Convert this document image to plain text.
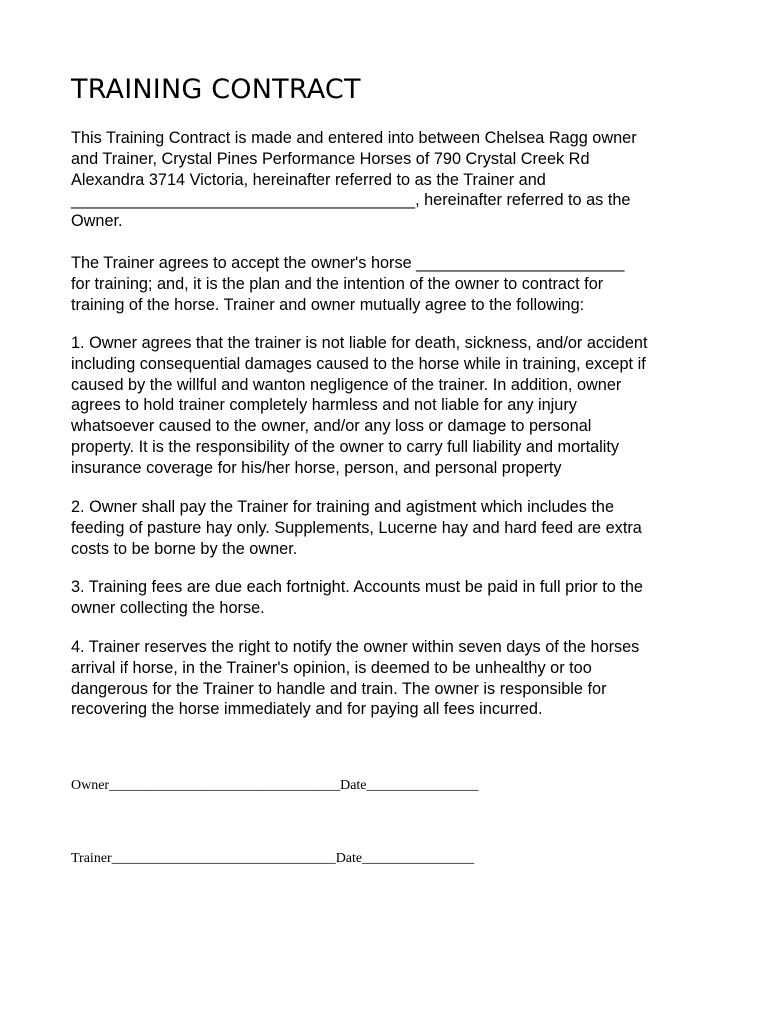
TRAINING CONTRACT

This Training Contract is made and entered into between Chelsea Ragg owner
and Trainer, Crystal Pines Performance Horses of 790 Crystal Creek Rd
Alexandra 3714 Victoria, hereinafter referred to as the Trainer and
______________________________________, hereinafter referred to as the
Owner.

The Trainer agrees to accept the owner's horse _______________________
for training; and, it is the plan and the intention of the owner to contract for
training of the horse. Trainer and owner mutually agree to the following:

1. Owner agrees that the trainer is not liable for death, sickness, and/or accident
including consequential damages caused to the horse while in training, except if
caused by the willful and wanton negligence of the trainer. In addition, owner
agrees to hold trainer completely harmless and not liable for any injury
whatsoever caused to the owner, and/or any loss or damage to personal
property. It is the responsibility of the owner to carry full liability and mortality
insurance coverage for his/her horse, person, and personal property

2. Owner shall pay the Trainer for training and agistment which includes the
feeding of pasture hay only. Supplements, Lucerne hay and hard feed are extra
costs to be borne by the owner.

3. Training fees are due each fortnight. Accounts must be paid in full prior to the
owner collecting the horse.

4. Trainer reserves the right to notify the owner within seven days of the horses
arrival if horse, in the Trainer's opinion, is deemed to be unhealthy or too
dangerous for the Trainer to handle and train. The owner is responsible for
recovering the horse immediately and for paying all fees incurred.

Owner_________________________________Date________________

Trainer________________________________Date________________
